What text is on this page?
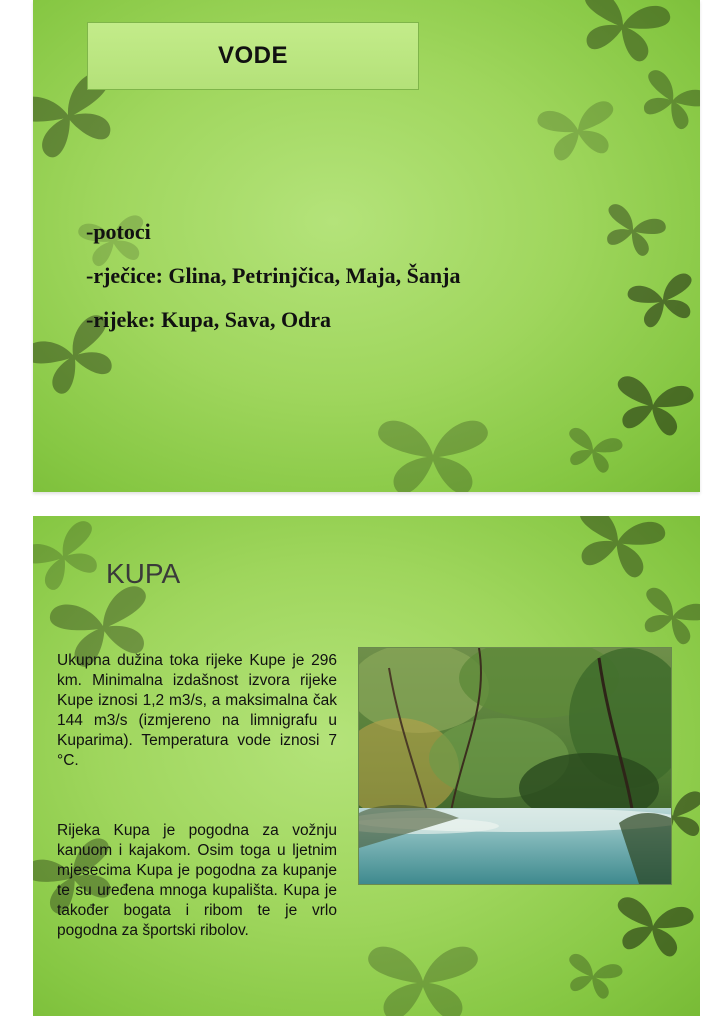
VODE
-potoci
-rječice: Glina, Petrinjčica, Maja, Šanja
-rijeke: Kupa, Sava, Odra
KUPA
Ukupna dužina toka rijeke Kupe je 296 km. Minimalna izdašnost izvora rijeke Kupe iznosi 1,2 m3/s, a maksimalna čak 144 m3/s (izmjereno na limnigrafu u Kuparima). Temperatura vode iznosi 7 °C.
Rijeka Kupa je pogodna za vožnju kanuom i kajakom. Osim toga u ljetnim mjesecima Kupa je pogodna za kupanje te su uređena mnoga kupališta. Kupa je također bogata i ribom te je vrlo pogodna za športski ribolov.
